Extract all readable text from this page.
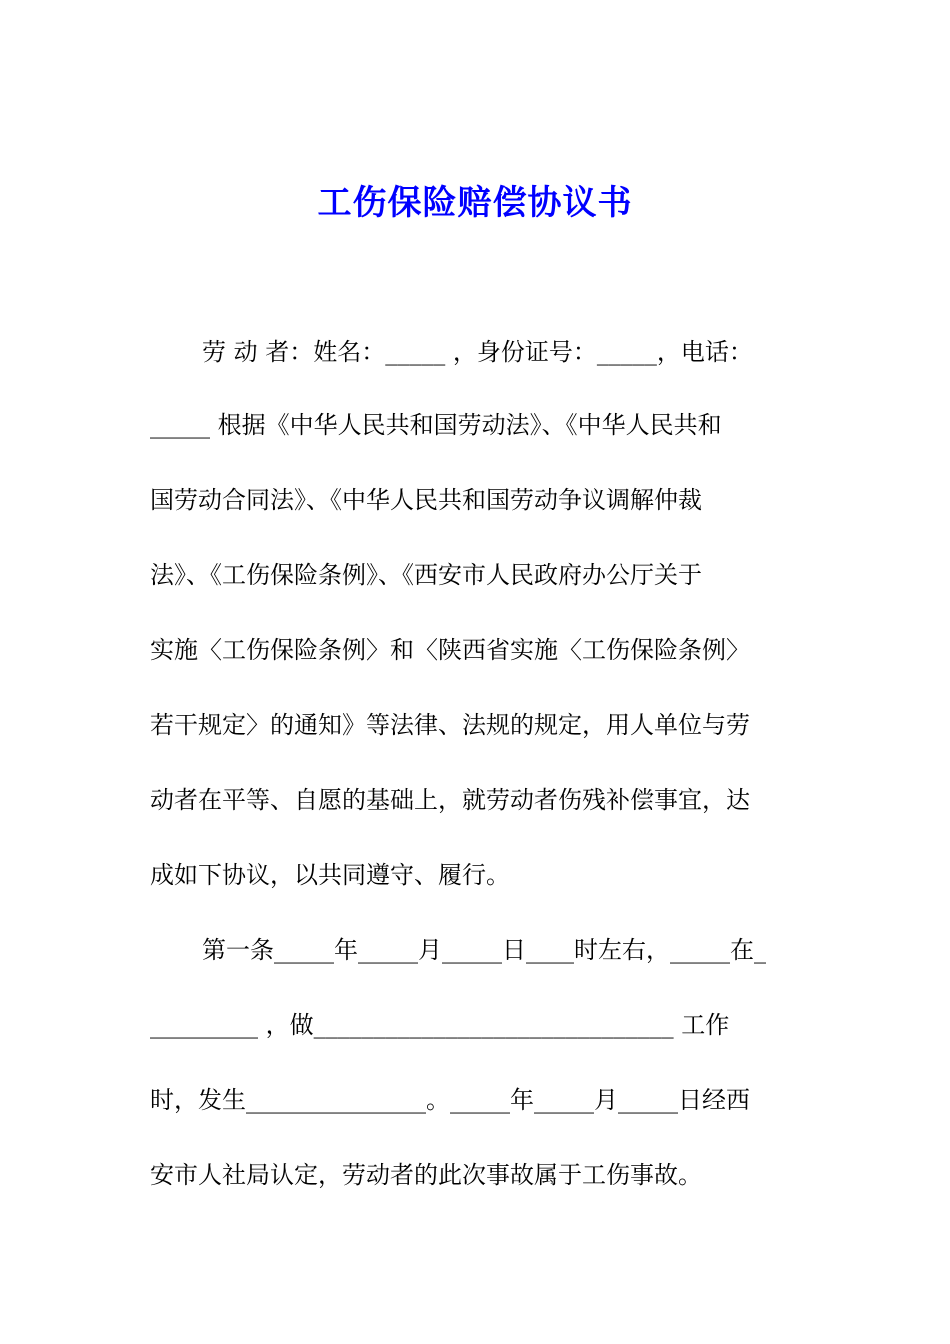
工伤保险赔偿协议书
劳 动 者：姓名：_____ ，身份证号：_____，电话：
_____ 根据《中华人民共和国劳动法》、《中华人民共和
国劳动合同法》、《中华人民共和国劳动争议调解仲裁
法》、《工伤保险条例》、《西安市人民政府办公厅关于
实施〈工伤保险条例〉和〈陕西省实施〈工伤保险条例〉
若干规定〉的通知》等法律、法规的规定，用人单位与劳
动者在平等、自愿的基础上，就劳动者伤残补偿事宜，达
成如下协议，以共同遵守、履行。
第一条_____年_____月_____日____时左右，_____在_
_________ ，做______________________________ 工作
时，发生_______________。_____年_____月_____日经西
安市人社局认定，劳动者的此次事故属于工伤事故。
